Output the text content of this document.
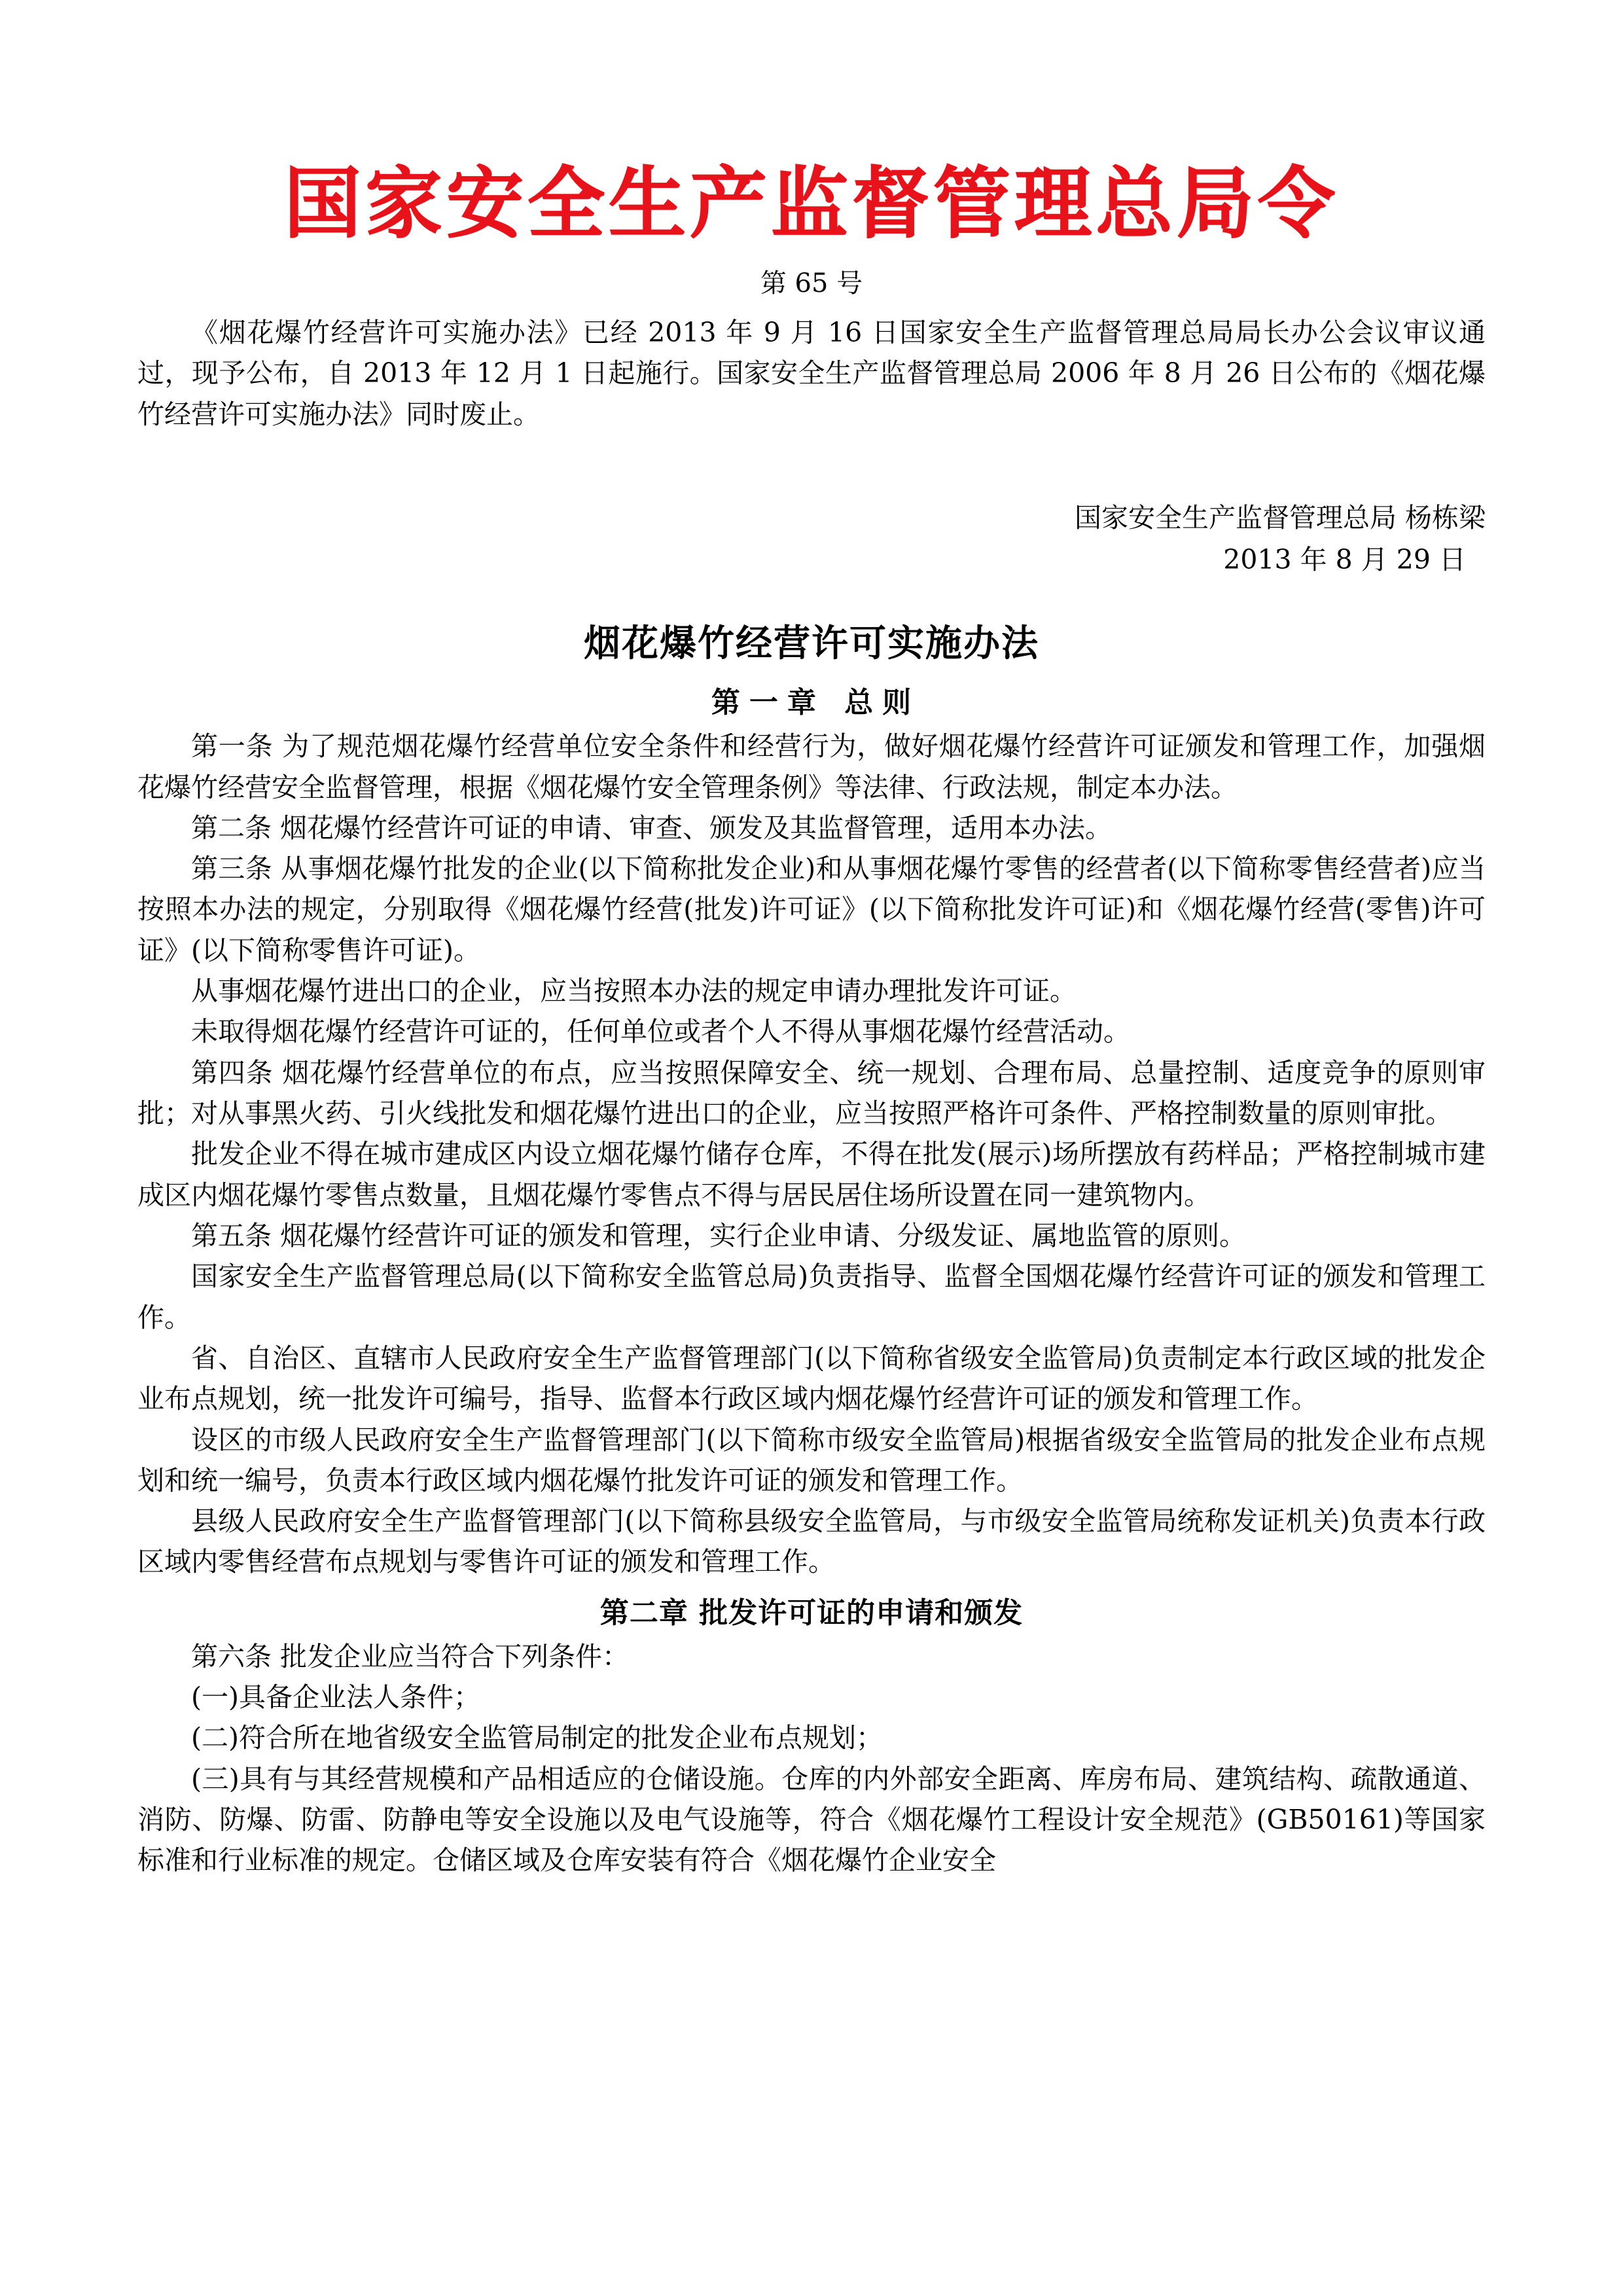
国家安全生产监督管理总局令
第 65 号

《烟花爆竹经营许可实施办法》已经 2013 年 9 月 16 日国家安全生产监督管理总局局长办公会议审议通过，现予公布，自 2013 年 12 月 1 日起施行。国家安全生产监督管理总局 2006 年 8 月 26 日公布的《烟花爆竹经营许可实施办法》同时废止。

国家安全生产监督管理总局 杨栋梁
2013 年 8 月 29 日
烟花爆竹经营许可实施办法
第一章 总则

第一条 为了规范烟花爆竹经营单位安全条件和经营行为，做好烟花爆竹经营许可证颁发和管理工作，加强烟花爆竹经营安全监督管理，根据《烟花爆竹安全管理条例》等法律、行政法规，制定本办法。

第二条 烟花爆竹经营许可证的申请、审查、颁发及其监督管理，适用本办法。

第三条 从事烟花爆竹批发的企业(以下简称批发企业)和从事烟花爆竹零售的经营者(以下简称零售经营者)应当按照本办法的规定，分别取得《烟花爆竹经营(批发)许可证》(以下简称批发许可证)和《烟花爆竹经营(零售)许可证》(以下简称零售许可证)。

从事烟花爆竹进出口的企业，应当按照本办法的规定申请办理批发许可证。

未取得烟花爆竹经营许可证的，任何单位或者个人不得从事烟花爆竹经营活动。

第四条 烟花爆竹经营单位的布点，应当按照保障安全、统一规划、合理布局、总量控制、适度竞争的原则审批；对从事黑火药、引火线批发和烟花爆竹进出口的企业，应当按照严格许可条件、严格控制数量的原则审批。

批发企业不得在城市建成区内设立烟花爆竹储存仓库，不得在批发(展示)场所摆放有药样品；严格控制城市建成区内烟花爆竹零售点数量，且烟花爆竹零售点不得与居民居住场所设置在同一建筑物内。

第五条 烟花爆竹经营许可证的颁发和管理，实行企业申请、分级发证、属地监管的原则。

国家安全生产监督管理总局(以下简称安全监管总局)负责指导、监督全国烟花爆竹经营许可证的颁发和管理工作。

省、自治区、直辖市人民政府安全生产监督管理部门(以下简称省级安全监管局)负责制定本行政区域的批发企业布点规划，统一批发许可编号，指导、监督本行政区域内烟花爆竹经营许可证的颁发和管理工作。

设区的市级人民政府安全生产监督管理部门(以下简称市级安全监管局)根据省级安全监管局的批发企业布点规划和统一编号，负责本行政区域内烟花爆竹批发许可证的颁发和管理工作。

县级人民政府安全生产监督管理部门(以下简称县级安全监管局，与市级安全监管局统称发证机关)负责本行政区域内零售经营布点规划与零售许可证的颁发和管理工作。

第二章 批发许可证的申请和颁发

第六条 批发企业应当符合下列条件：

(一)具备企业法人条件；

(二)符合所在地省级安全监管局制定的批发企业布点规划；

(三)具有与其经营规模和产品相适应的仓储设施。仓库的内外部安全距离、库房布局、建筑结构、疏散通道、消防、防爆、防雷、防静电等安全设施以及电气设施等，符合《烟花爆竹工程设计安全规范》(GB50161)等国家标准和行业标准的规定。仓储区域及仓库安装有符合《烟花爆竹企业安全
